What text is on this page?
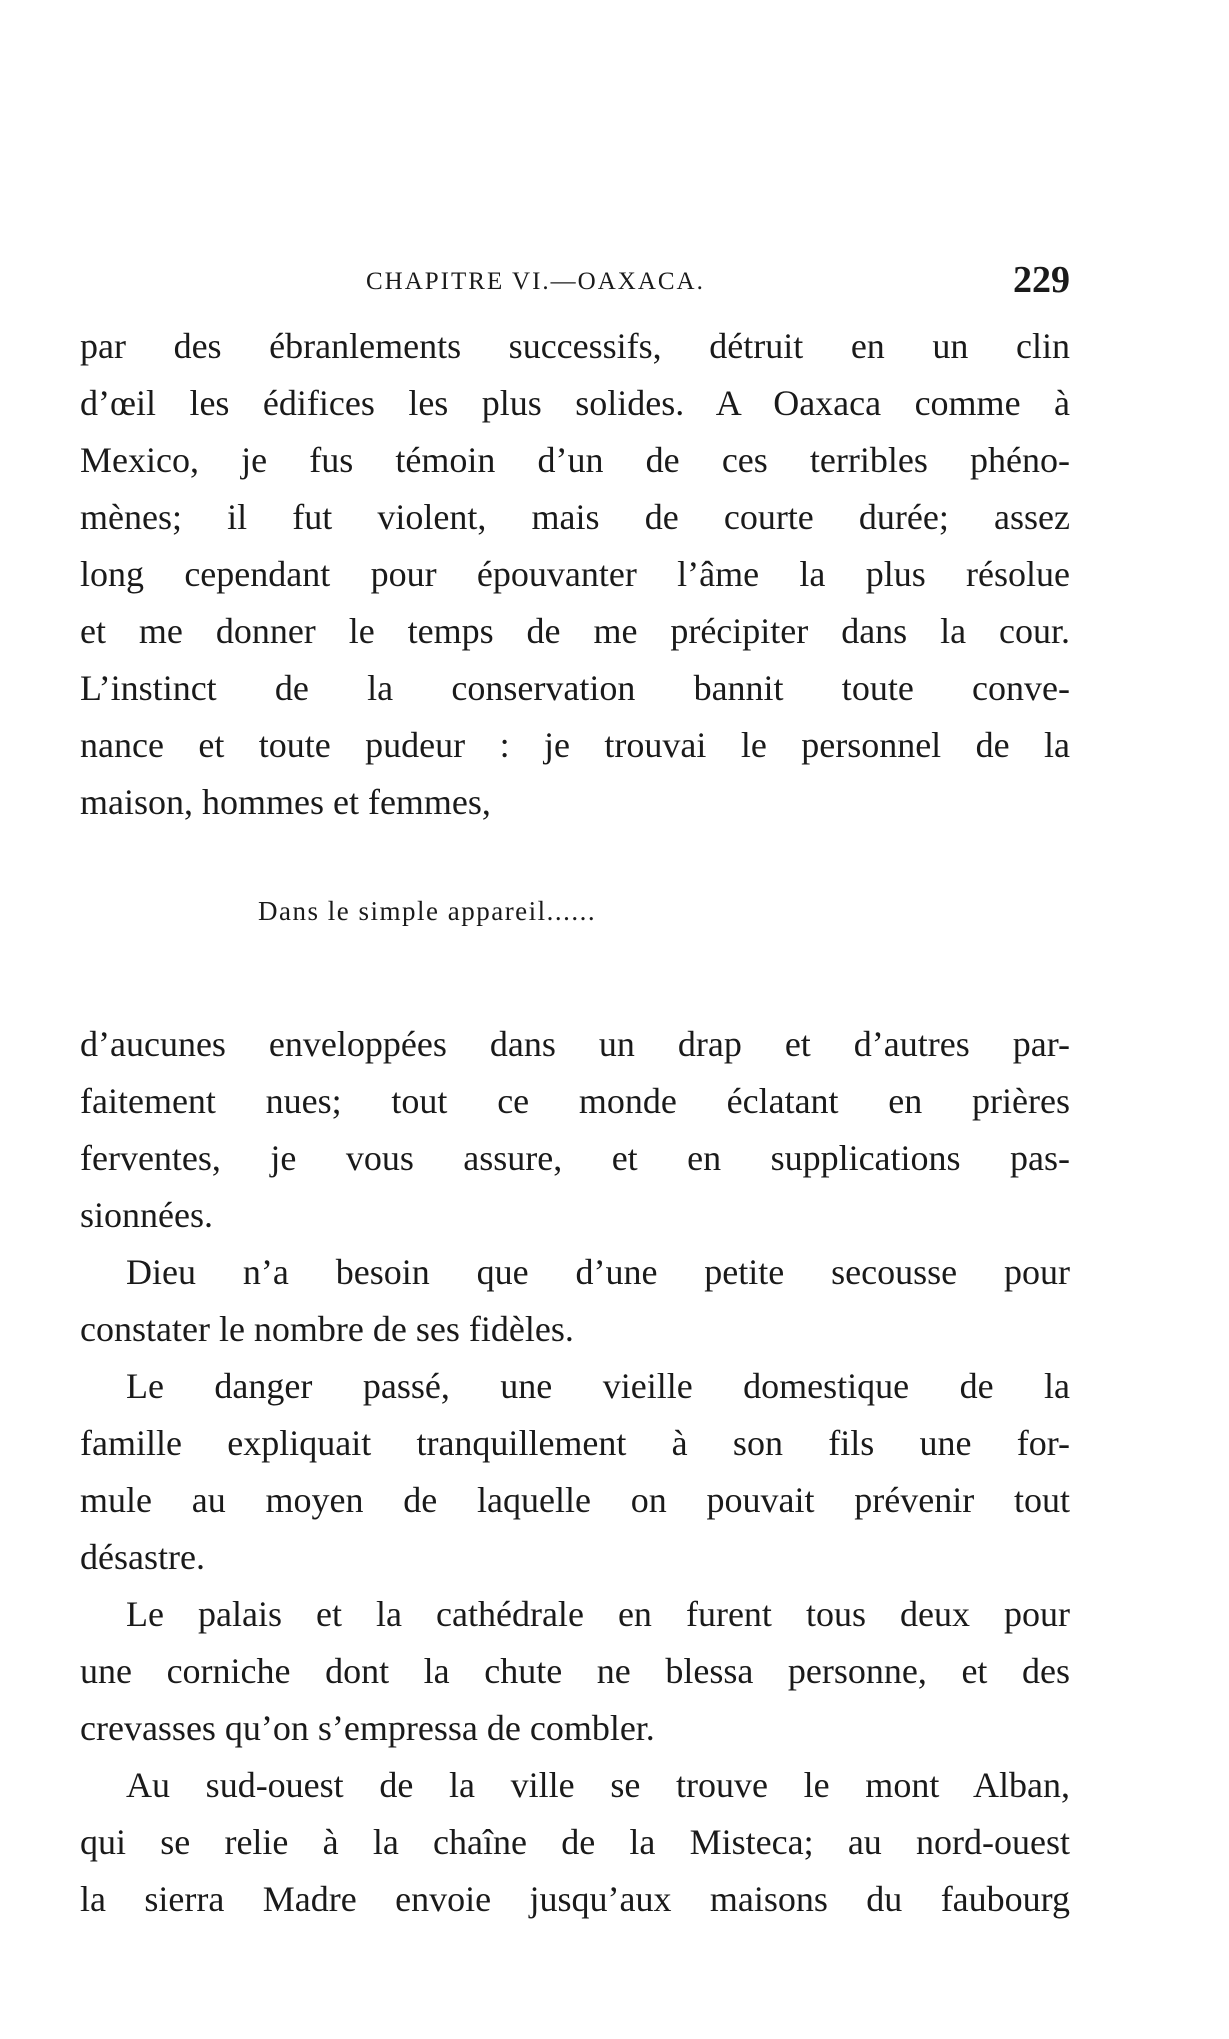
CHAPITRE VI.—OAXACA.	229
par des ébranlements successifs, détruit en un clin
d’œil les édifices les plus solides. A Oaxaca comme à
Mexico, je fus témoin d’un de ces terribles phéno-
mènes; il fut violent, mais de courte durée; assez
long cependant pour épouvanter l’âme la plus résolue
et me donner le temps de me précipiter dans la cour.
L’instinct de la conservation bannit toute conve-
nance et toute pudeur : je trouvai le personnel de la
maison, hommes et femmes,
Dans le simple appareil......
d’aucunes enveloppées dans un drap et d’autres par-
faitement nues; tout ce monde éclatant en prières
ferventes, je vous assure, et en supplications pas-
sionnées.
Dieu n’a besoin que d’une petite secousse pour
constater le nombre de ses fidèles.
Le danger passé, une vieille domestique de la
famille expliquait tranquillement à son fils une for-
mule au moyen de laquelle on pouvait prévenir tout
désastre.
Le palais et la cathédrale en furent tous deux pour
une corniche dont la chute ne blessa personne, et des
crevasses qu’on s’empressa de combler.
Au sud-ouest de la ville se trouve le mont Alban,
qui se relie à la chaîne de la Misteca; au nord-ouest
la sierra Madre envoie jusqu’aux maisons du faubourg
